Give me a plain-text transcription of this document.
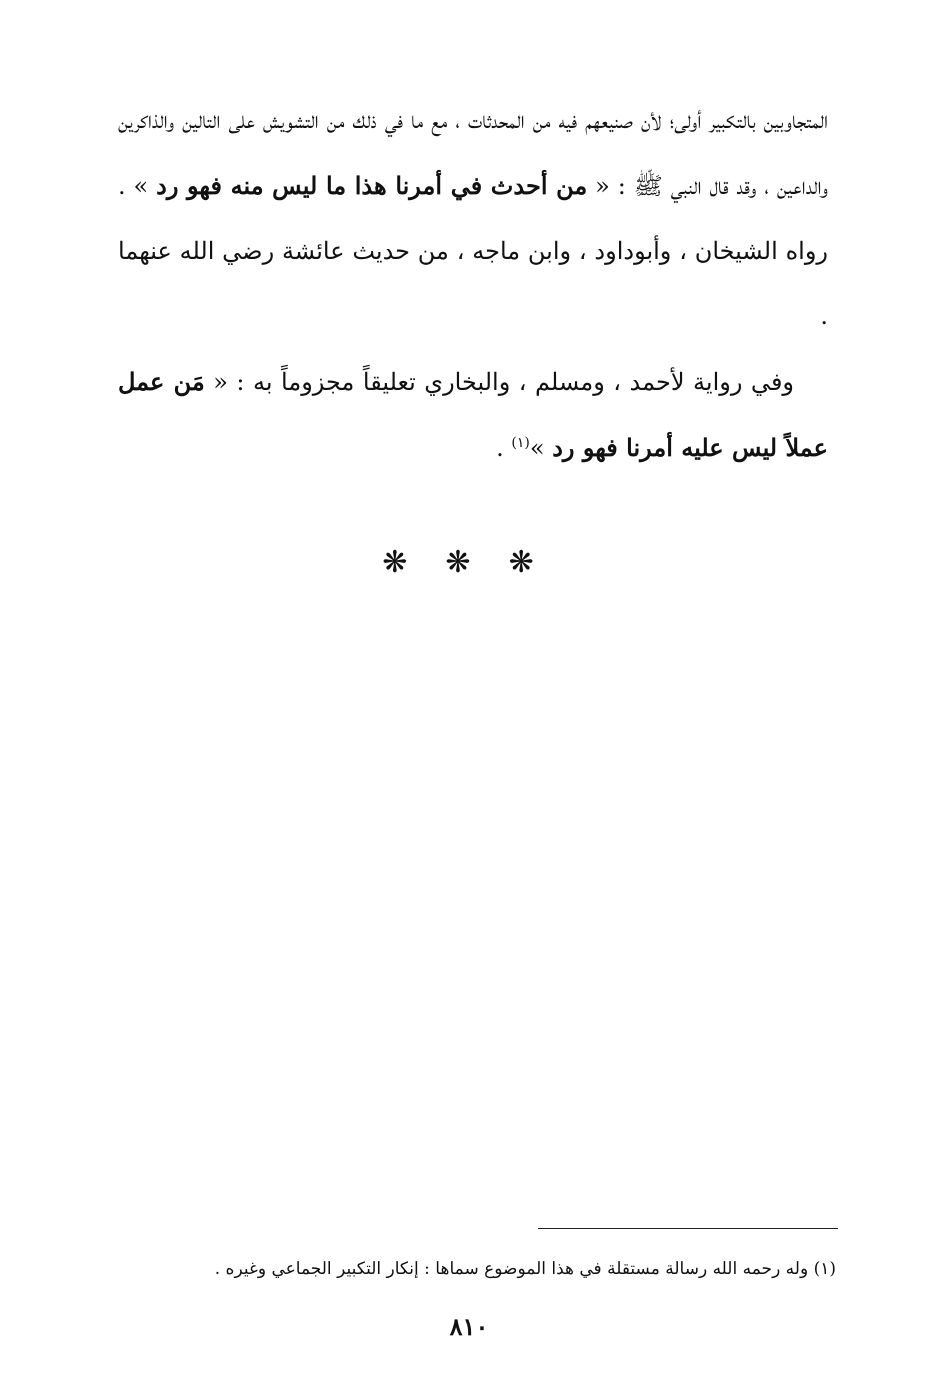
المتجاوبين بالتكبير أولى؛ لأن صنيعهم فيه من المحدثات ، مع ما في ذلك من التشويش على التالين والذاكرين والداعين ، وقد قال النبي ﷺ : « من أحدث في أمرنا هذا ما ليس منه فهو رد » . رواه الشيخان ، وأبوداود ، وابن ماجه ، من حديث عائشة رضي الله عنهما .

وفي رواية لأحمد ، ومسلم ، والبخاري تعليقاً مجزوماً به : « مَن عمل عملاً ليس عليه أمرنا فهو رد »$^{(١)}$ .

❋ ❋ ❋
(١) وله رحمه الله رسالة مستقلة في هذا الموضوع سماها : إنكار التكبير الجماعي وغيره .
٨١٠
